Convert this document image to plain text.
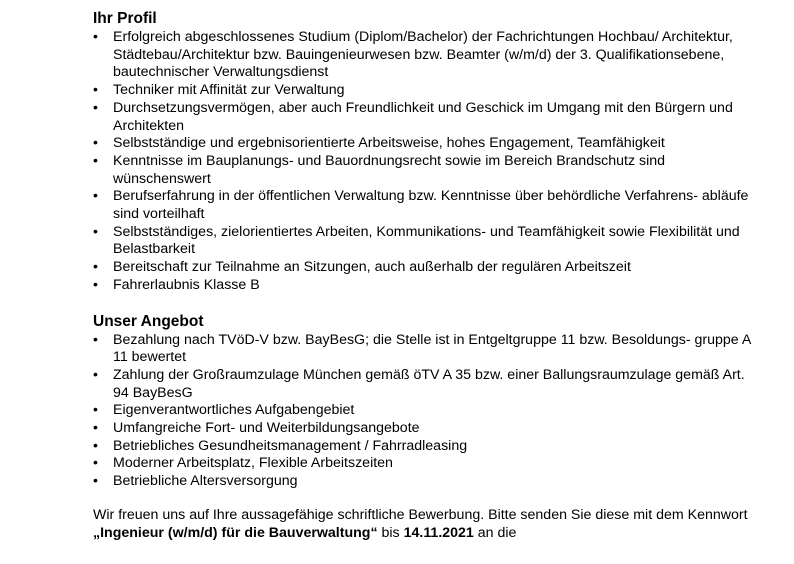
Ihr Profil
•	Erfolgreich abgeschlossenes Studium (Diplom/Bachelor) der Fachrichtungen Hochbau/ Architektur, Städtebau/Architektur bzw. Bauingenieurwesen bzw. Beamter (w/m/d) der 3. Qualifikationsebene, bautechnischer Verwaltungsdienst
•	Techniker mit Affinität zur Verwaltung
•	Durchsetzungsvermögen, aber auch Freundlichkeit und Geschick im Umgang mit den Bürgern und Architekten
•	Selbstständige und ergebnisorientierte Arbeitsweise, hohes Engagement, Teamfähigkeit
•	Kenntnisse im Bauplanungs- und Bauordnungsrecht sowie im Bereich Brandschutz sind wünschenswert
•	Berufserfahrung in der öffentlichen Verwaltung bzw. Kenntnisse über behördliche Verfahrens- abläufe sind vorteilhaft
•	Selbstständiges, zielorientiertes Arbeiten, Kommunikations- und Teamfähigkeit sowie Flexibilität und Belastbarkeit
•	Bereitschaft zur Teilnahme an Sitzungen, auch außerhalb der regulären Arbeitszeit
•	Fahrerlaubnis Klasse B
Unser Angebot
•	Bezahlung nach TVöD-V bzw. BayBesG; die Stelle ist in Entgeltgruppe 11 bzw. Besoldungs- gruppe A 11 bewertet
•	Zahlung der Großraumzulage München gemäß öTV A 35 bzw. einer Ballungsraumzulage gemäß Art. 94 BayBesG
•	Eigenverantwortliches Aufgabengebiet
•	Umfangreiche Fort- und Weiterbildungsangebote
•	Betriebliches Gesundheitsmanagement / Fahrradleasing
•	Moderner Arbeitsplatz, Flexible Arbeitszeiten
•	Betriebliche Altersversorgung

Wir freuen uns auf Ihre aussagefähige schriftliche Bewerbung. Bitte senden Sie diese mit dem Kennwort „Ingenieur (w/m/d) für die Bauverwaltung“ bis 14.11.2021 an die
